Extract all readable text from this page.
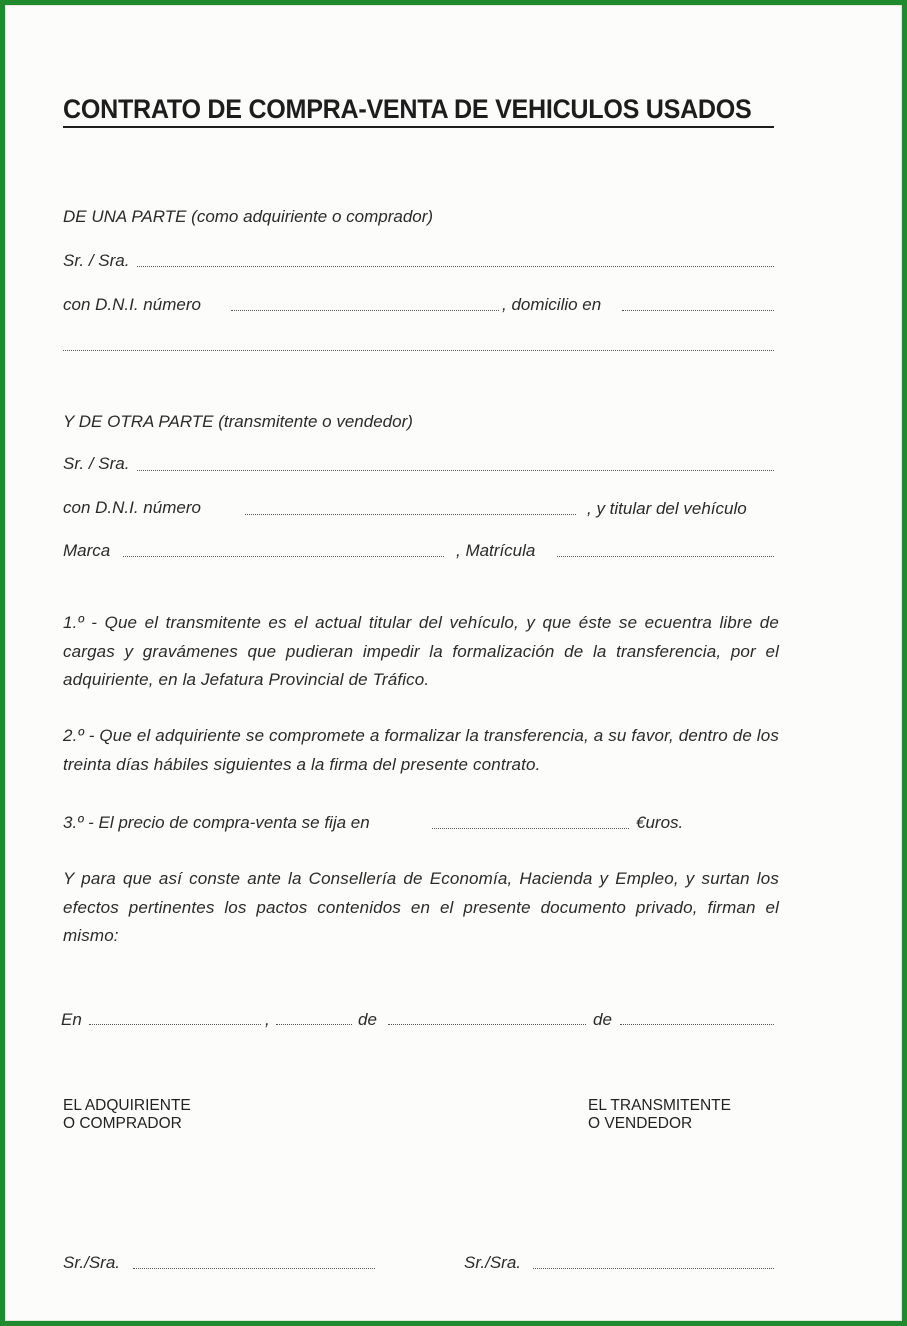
CONTRATO DE COMPRA-VENTA DE VEHICULOS USADOS
DE UNA PARTE (como adquiriente o comprador)
Sr. / Sra.
con D.N.I. número	, domicilio en
Y DE OTRA PARTE (transmitente o vendedor)
Sr. / Sra.
con D.N.I. número	, y titular del vehículo
Marca	, Matrícula
1.º - Que el transmitente es el actual titular del vehículo, y que éste se ecuentra libre de cargas y gravámenes que pudieran impedir la formalización de la transferencia, por el adquiriente, en la Jefatura Provincial de Tráfico.
2.º - Que el adquiriente se compromete a formalizar la transferencia, a su favor, dentro de los treinta días hábiles siguientes a la firma del presente contrato.
3.º - El precio de compra-venta se fija en	€uros.
Y para que así conste ante la Consellería de Economía, Hacienda y Empleo, y surtan los efectos pertinentes los pactos contenidos en el presente documento privado, firman el mismo:
En	,	de	de
EL ADQUIRIENTE
O COMPRADOR
EL TRANSMITENTE
O VENDEDOR
Sr./Sra.	Sr./Sra.
